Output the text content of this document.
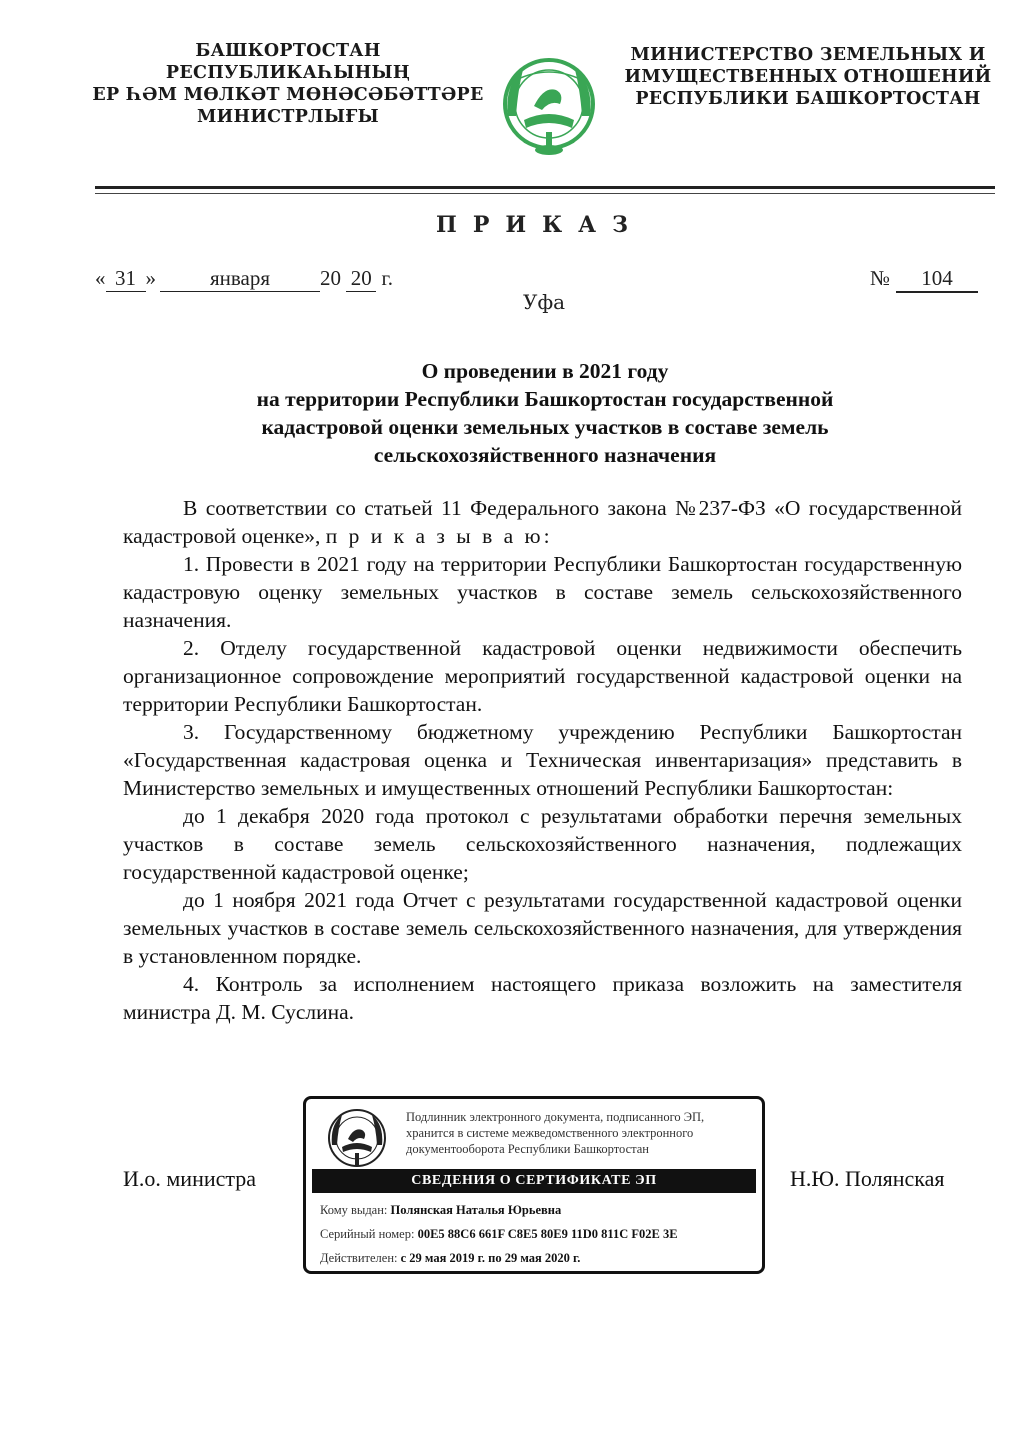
БАШКОРТОСТАН РЕСПУБЛИКАҺЫНЫҢ
ЕР ҺӘМ МӨЛКӘТ МӨНӘСӘБӘТТӘРЕ
МИНИСТРЛЫҒЫ
МИНИСТЕРСТВО ЗЕМЕЛЬНЫХ И
ИМУЩЕСТВЕННЫХ ОТНОШЕНИЙ
РЕСПУБЛИКИ БАШКОРТОСТАН
ПРИКАЗ
« 31 »	января 20 20 г.
Уфа
№ 104
О проведении в 2021 году
на территории Республики Башкортостан государственной
кадастровой оценки земельных участков в составе земель
сельскохозяйственного назначения

В соответствии со статьей 11 Федерального закона №237-ФЗ «О государственной кадастровой оценке», п р и к а з ы в а ю:

1. Провести в 2021 году на территории Республики Башкортостан государственную кадастровую оценку земельных участков в составе земель сельскохозяйственного назначения.

2. Отделу государственной кадастровой оценки недвижимости обеспечить организационное сопровождение мероприятий государственной кадастровой оценки на территории Республики Башкортостан.

3. Государственному бюджетному учреждению Республики Башкортостан «Государственная кадастровая оценка и Техническая инвентаризация» представить в Министерство земельных и имущественных отношений Республики Башкортостан:

до 1 декабря 2020 года протокол с результатами обработки перечня земельных участков в составе земель сельскохозяйственного назначения, подлежащих государственной кадастровой оценке;

до 1 ноября 2021 года Отчет с результатами государственной кадастровой оценки земельных участков в составе земель сельскохозяйственного назначения, для утверждения в установленном порядке.

4. Контроль за исполнением настоящего приказа возложить на заместителя министра Д. М. Суслина.

И.о. министра	Н.Ю. Полянская
Подлинник электронного документа, подписанного ЭП,
хранится в системе межведомственного электронного
документооборота Республики Башкортостан
СВЕДЕНИЯ О СЕРТИФИКАТЕ ЭП
Кому выдан: Полянская Наталья Юрьевна
Серийный номер: 00E5 88C6 661F C8E5 80E9 11D0 811C F02E 3E
Действителен: с 29 мая 2019 г. по 29 мая 2020 г.
